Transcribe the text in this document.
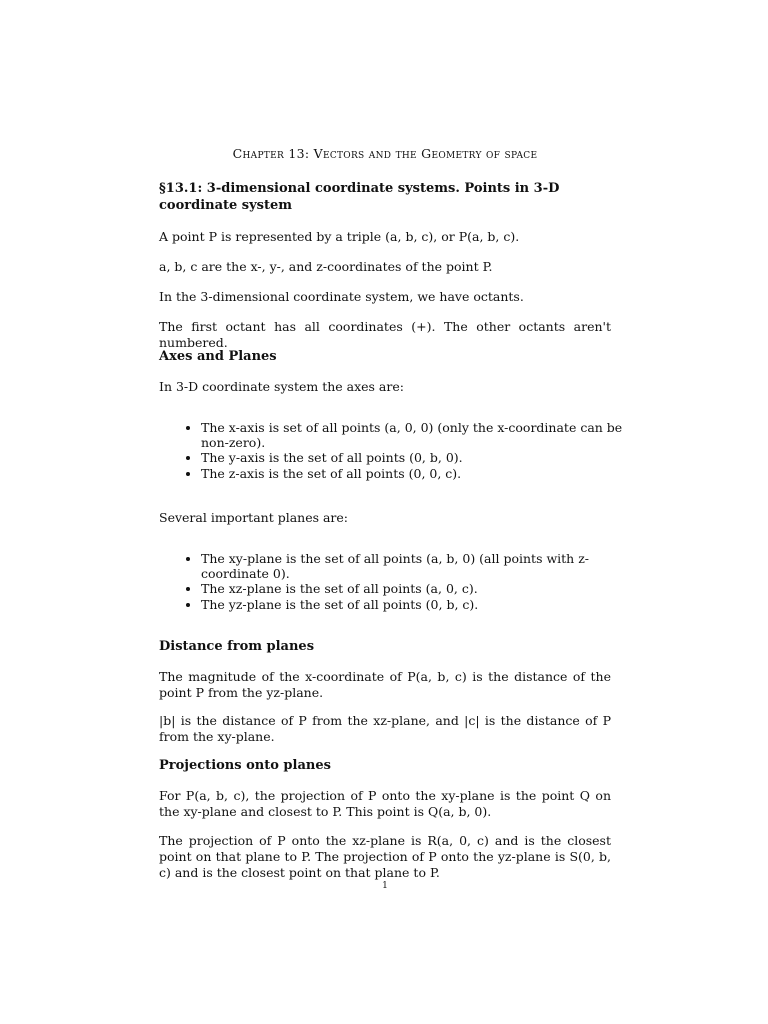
Chapter 13: Vectors and the Geometry of space
§13.1: 3-dimensional coordinate systems. Points in 3-D coordinate system
A point P is represented by a triple (a, b, c), or P(a, b, c).
a, b, c are the x-, y-, and z-coordinates of the point P.
In the 3-dimensional coordinate system, we have octants.
The first octant has all coordinates (+). The other octants aren't numbered.
Axes and Planes
In 3-D coordinate system the axes are:
• The x-axis is set of all points (a, 0, 0) (only the x-coordinate can be non-zero).
• The y-axis is the set of all points (0, b, 0).
• The z-axis is the set of all points (0, 0, c).
Several important planes are:
• The xy-plane is the set of all points (a, b, 0) (all points with z-coordinate 0).
• The xz-plane is the set of all points (a, 0, c).
• The yz-plane is the set of all points (0, b, c).
Distance from planes
The magnitude of the x-coordinate of P(a, b, c) is the distance of the point P from the yz-plane.
|b| is the distance of P from the xz-plane, and |c| is the distance of P from the xy-plane.
Projections onto planes
For P(a, b, c), the projection of P onto the xy-plane is the point Q on the xy-plane and closest to P. This point is Q(a, b, 0).
The projection of P onto the xz-plane is R(a, 0, c) and is the closest point on that plane to P. The projection of P onto the yz-plane is S(0, b, c) and is the closest point on that plane to P.
1
